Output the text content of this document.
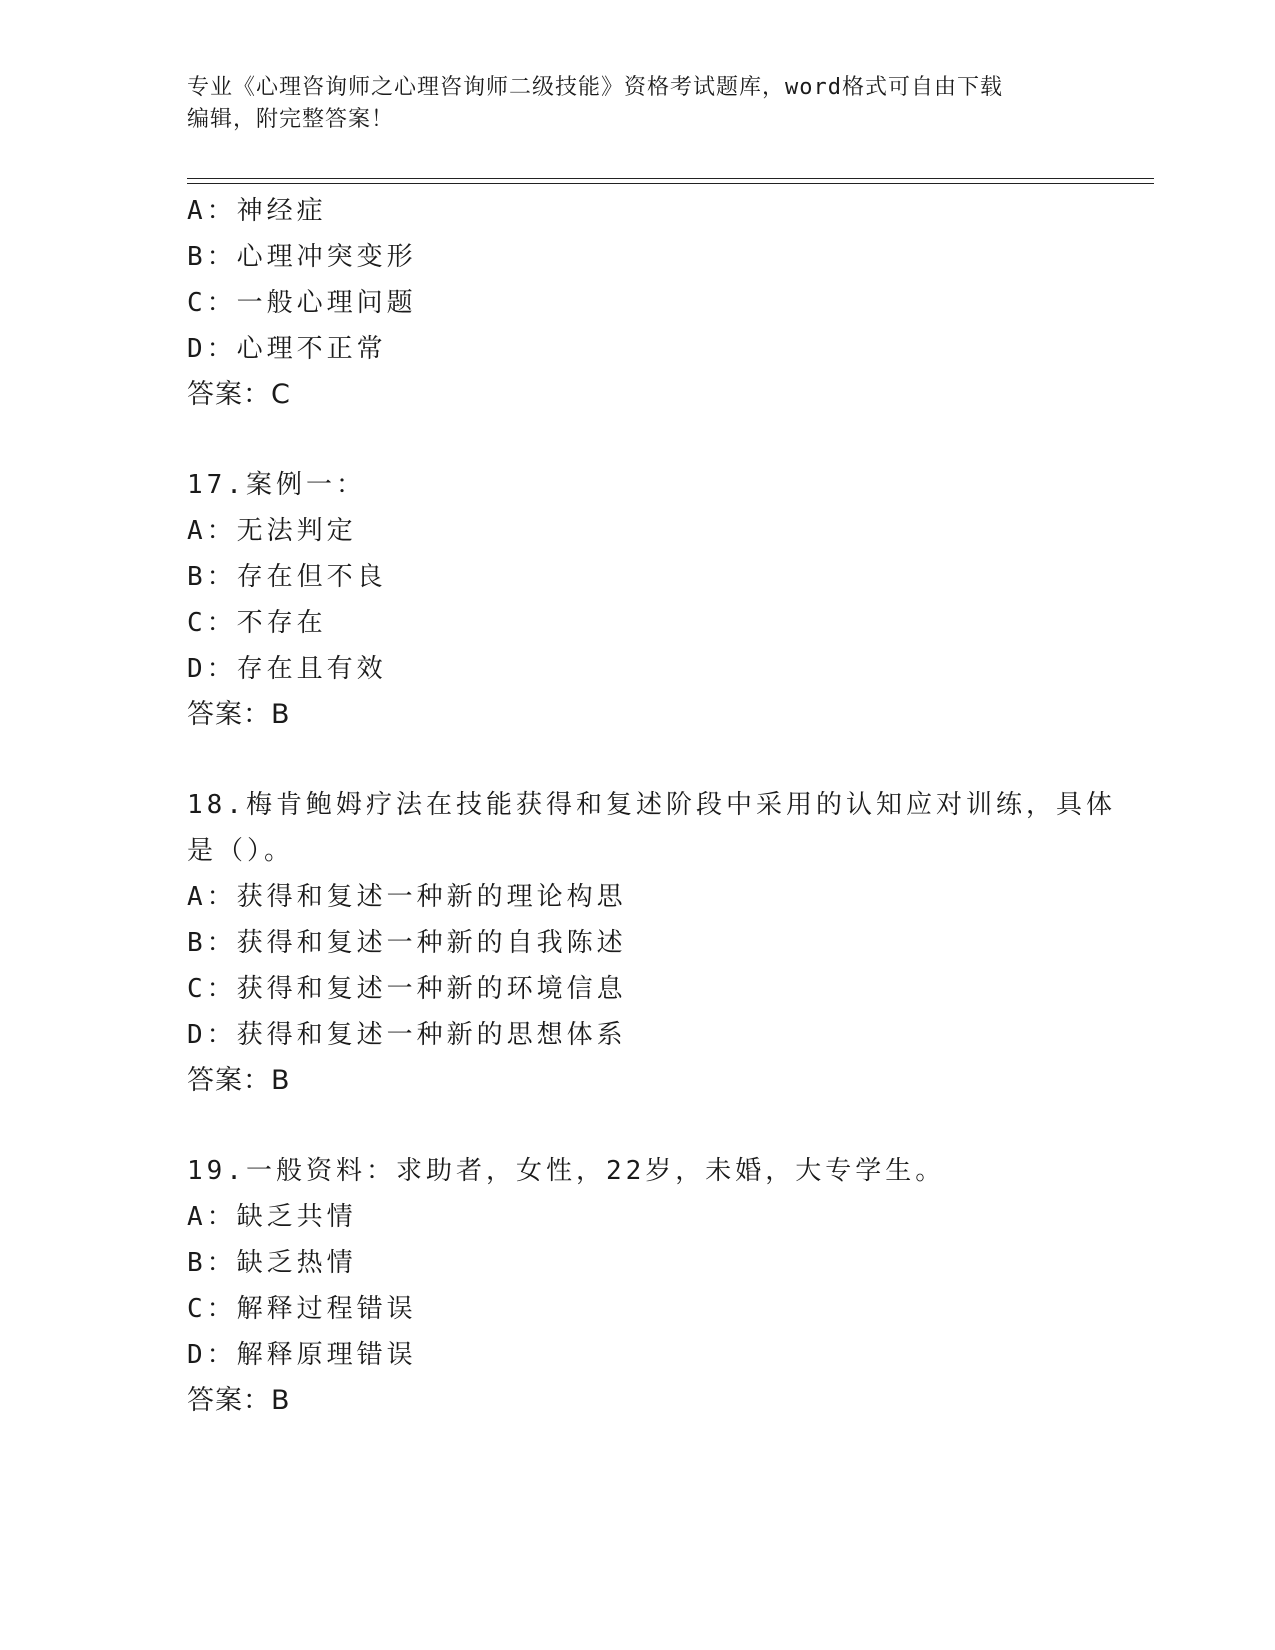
专业《心理咨询师之心理咨询师二级技能》资格考试题库，word格式可自由下载
编辑，附完整答案！
A：神经症
B：心理冲突变形
C：一般心理问题
D：心理不正常
答案：C
17.案例一：
A：无法判定
B：存在但不良
C：不存在
D：存在且有效
答案：B
18.梅肯鲍姆疗法在技能获得和复述阶段中采用的认知应对训练，具体
是（）。
A：获得和复述一种新的理论构思
B：获得和复述一种新的自我陈述
C：获得和复述一种新的环境信息
D：获得和复述一种新的思想体系
答案：B
19.一般资料：求助者，女性，22岁，未婚，大专学生。
A：缺乏共情
B：缺乏热情
C：解释过程错误
D：解释原理错误
答案：B
